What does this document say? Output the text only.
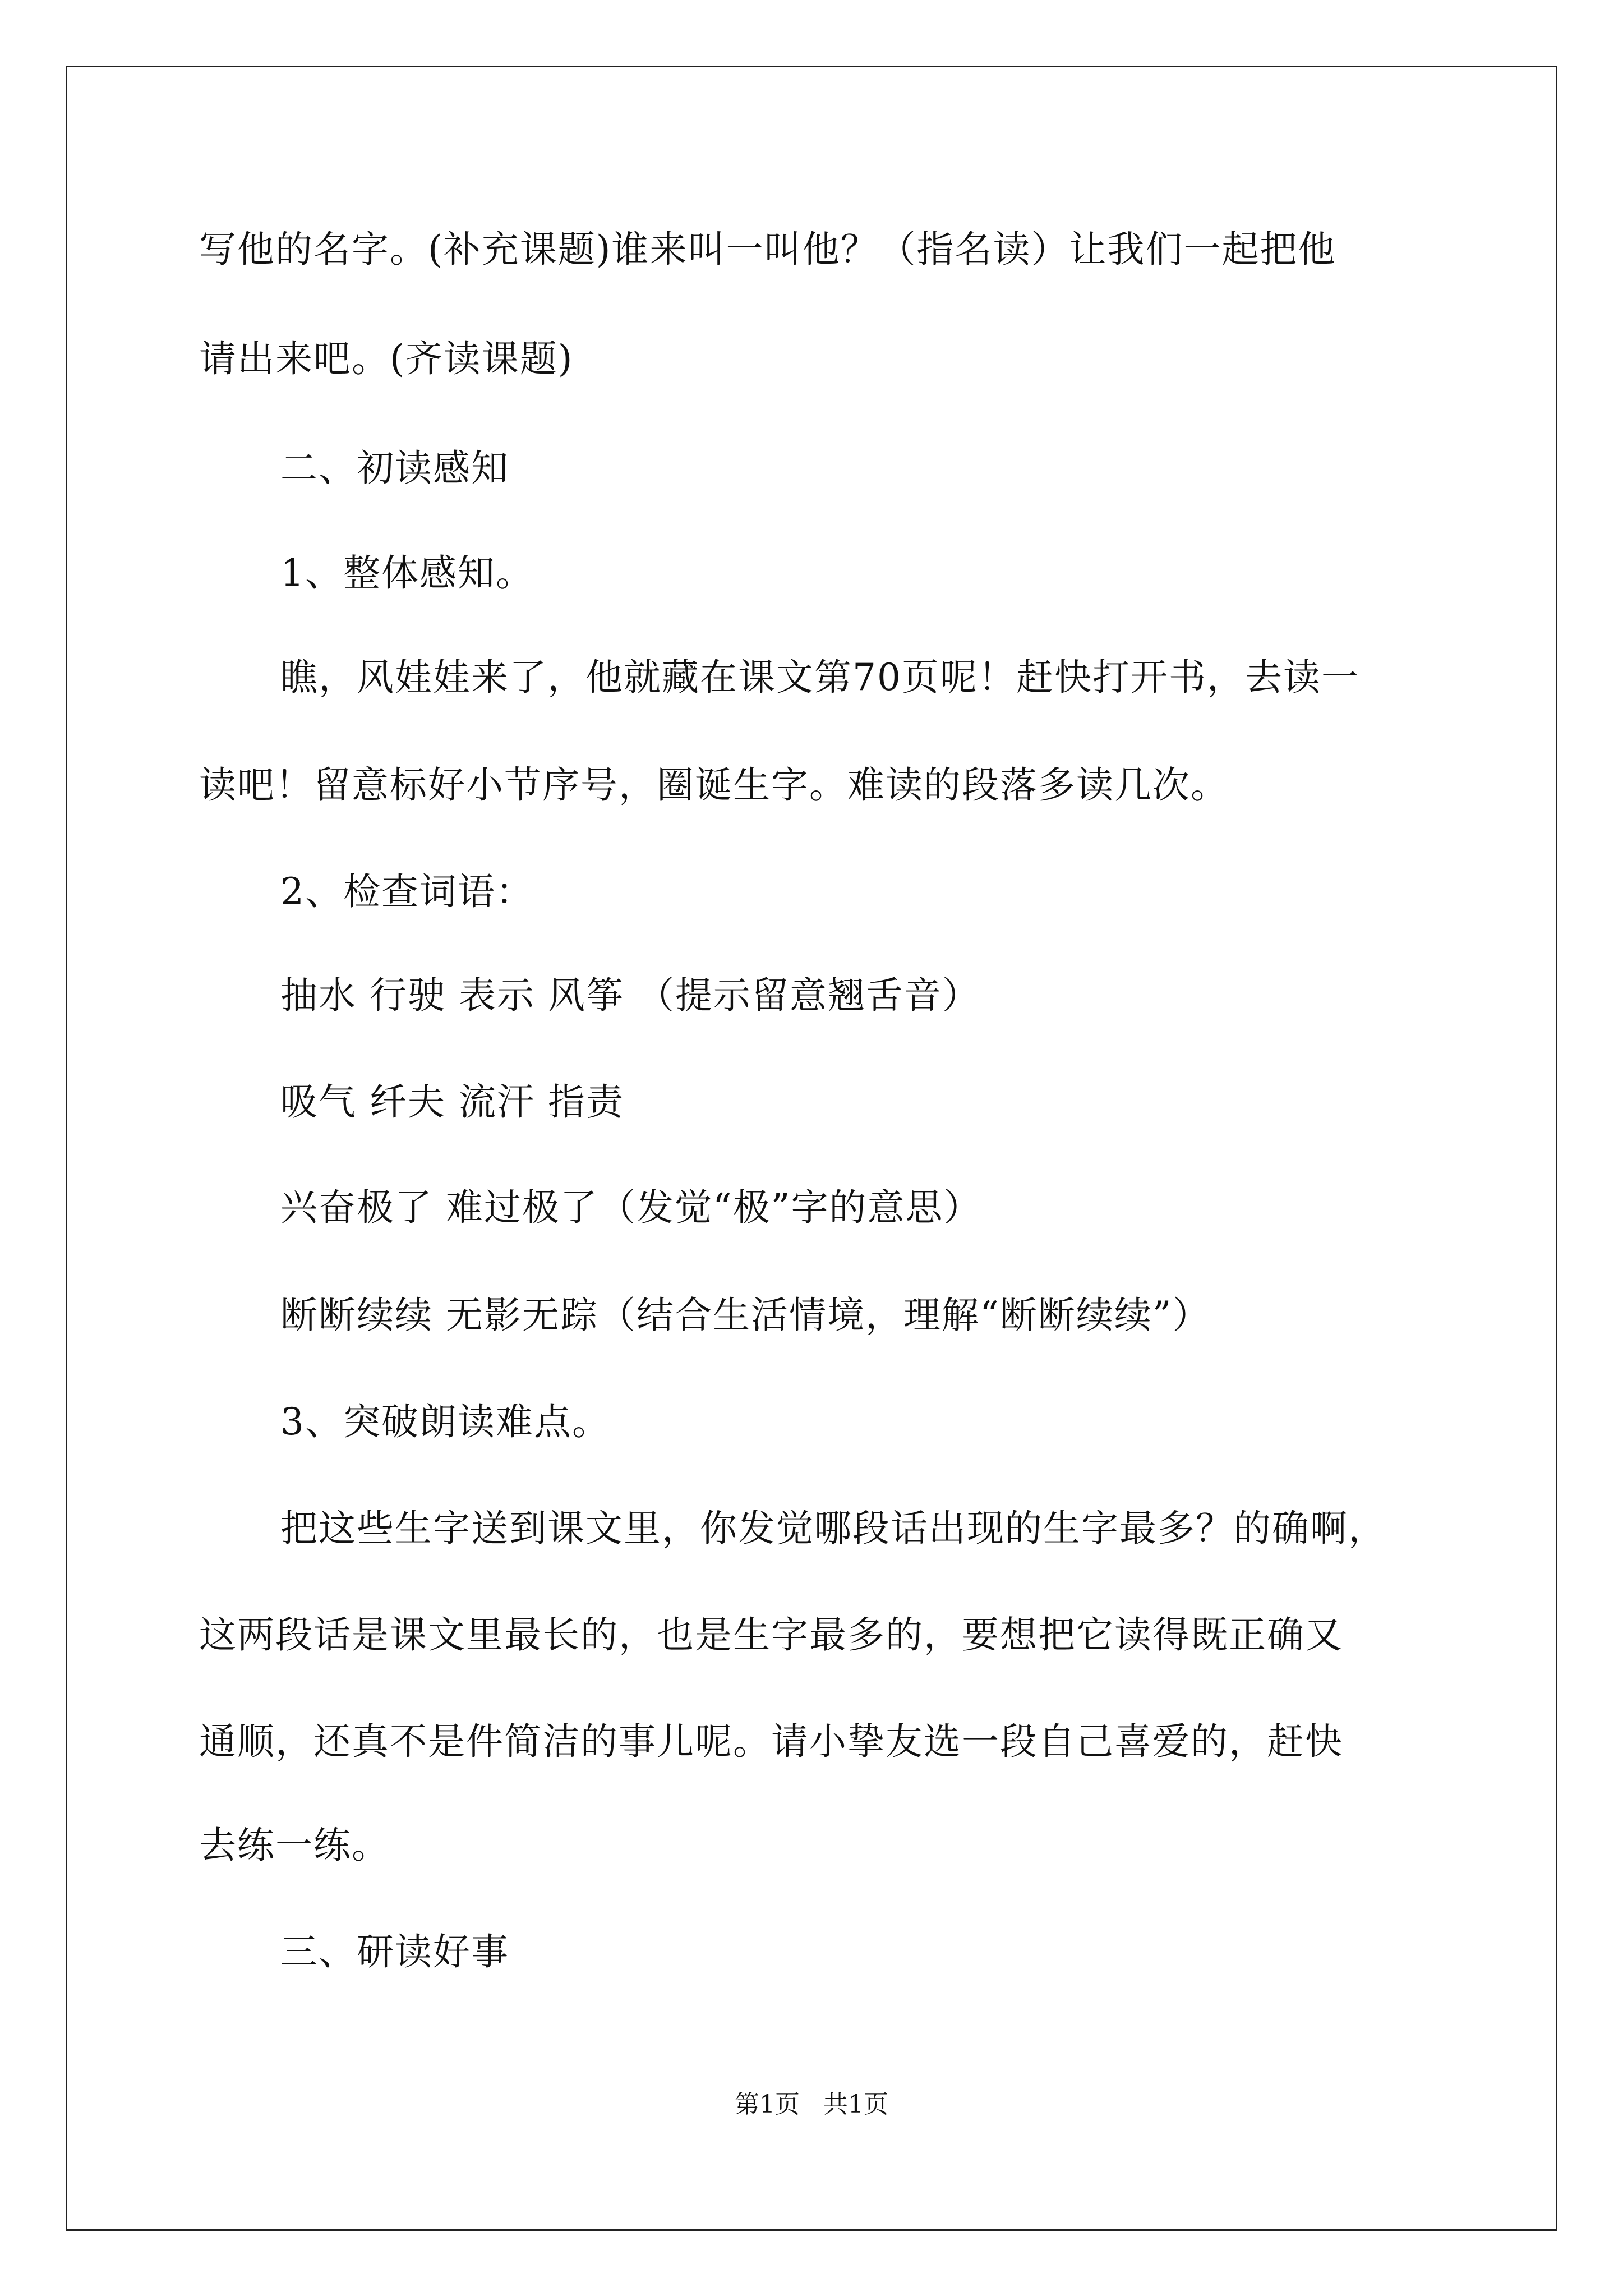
写他的名字。(补充课题)谁来叫一叫他？（指名读）让我们一起把他
请出来吧。(齐读课题)
二、初读感知
1、整体感知。
瞧，风娃娃来了，他就藏在课文第70页呢！赶快打开书，去读一
读吧！留意标好小节序号，圈诞生字。难读的段落多读几次。
2、检查词语：
抽水 行驶 表示 风筝 （提示留意翘舌音）
吸气 纤夫 流汗 指责
兴奋极了 难过极了（发觉“极”字的意思）
断断续续 无影无踪（结合生活情境，理解“断断续续”）
3、突破朗读难点。
把这些生字送到课文里，你发觉哪段话出现的生字最多？的确啊，
这两段话是课文里最长的，也是生字最多的，要想把它读得既正确又
通顺，还真不是件简洁的事儿呢。请小挚友选一段自己喜爱的，赶快
去练一练。
三、研读好事
第1页   共1页
